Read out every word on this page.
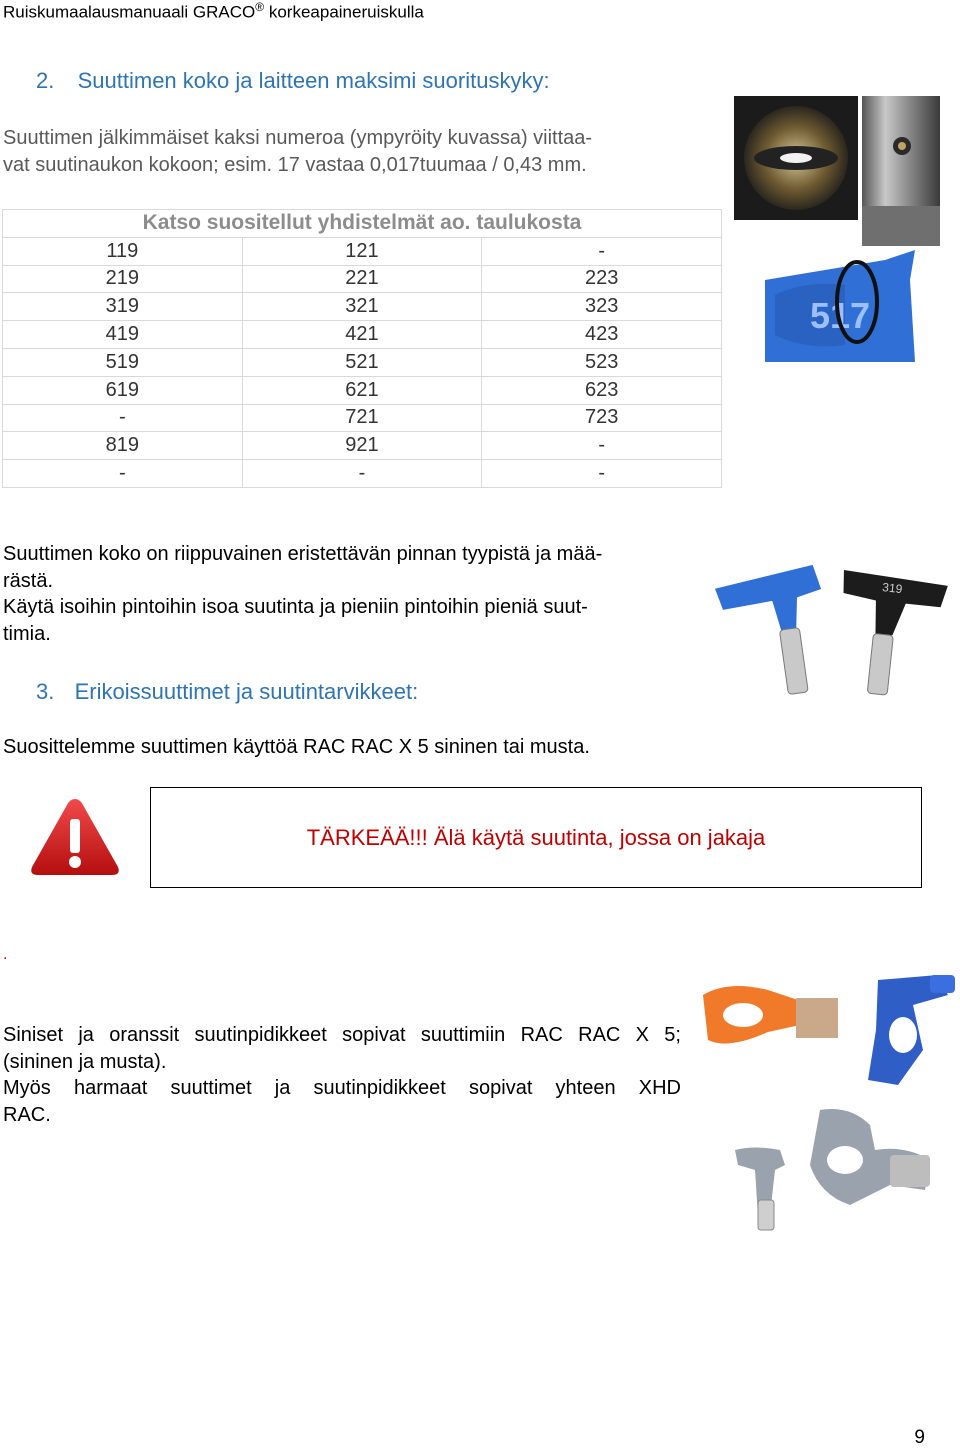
Ruiskumaalausmanuaali GRACO® korkeapaineruiskulla
2. Suuttimen koko ja laitteen maksimi suorituskyky:

Suuttimen jälkimmäiset kaksi numeroa (ympyröity kuvassa) viittaa-

vat suutinaukon kokoon; esim. 17 vastaa 0,017tuumaa / 0,43 mm.

Katso suositellut yhdistelmät ao. taulukosta		
119	121	-
219	221	223
319	321	323
419	421	423
519	521	523
619	621	623
-	721	723
819	921	-
-	-	-
517
319

Suuttimen koko on riippuvainen eristettävän pinnan tyypistä ja mää-

rästä.

Käytä isoihin pintoihin isoa suutinta ja pieniin pintoihin pieniä suut-

timia.

3. Erikoissuuttimet ja suutintarvikkeet:
Suosittelemme suuttimen käyttöä RAC RAC X 5 sininen tai musta.
TÄRKEÄÄ!!! Älä käytä suutinta, jossa on jakaja
.

Siniset ja oranssit suutinpidikkeet sopivat suuttimiin RAC RAC X 5;

(sininen ja musta).

Myös harmaat suuttimet ja suutinpidikkeet sopivat yhteen XHD

RAC.

9
